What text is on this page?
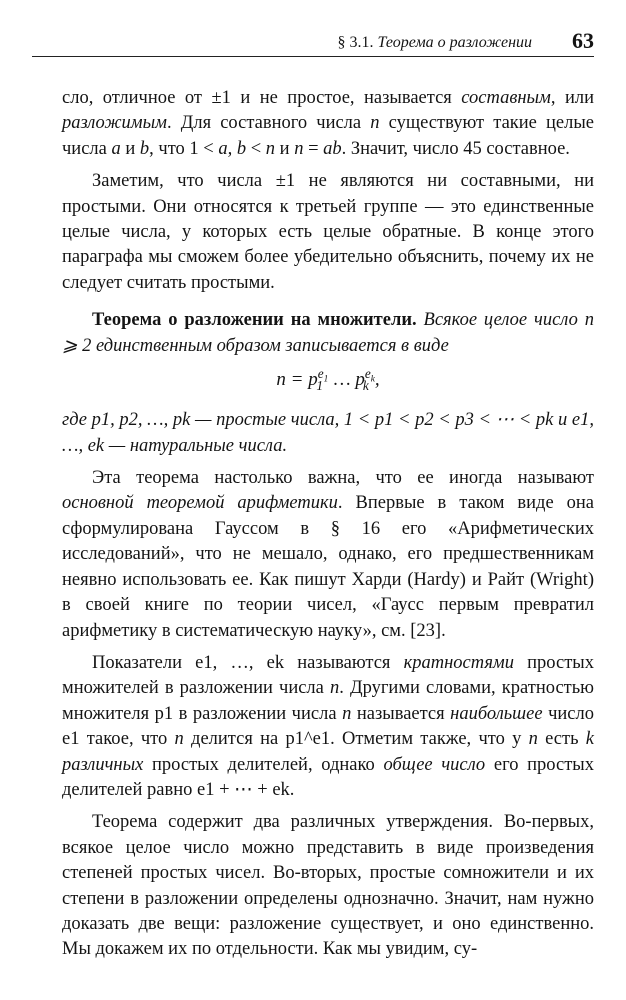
§ 3.1. Теорема о разложении 63

сло, отличное от ±1 и не простое, называется составным, или разложимым. Для составного числа n существуют такие целые числа a и b, что 1 < a, b < n и n = ab. Значит, число 45 составное.

Заметим, что числа ±1 не являются ни составными, ни простыми. Они относятся к третьей группе — это единственные целые числа, у которых есть целые обратные. В конце этого параграфа мы сможем более убедительно объяснить, почему их не следует считать простыми.

Теорема о разложении на множители. Всякое целое число n ⩾ 2 единственным образом записывается в виде

$n = p^{e_1}_1$ … $p^{e_k}_k$ ,

где p1, p2, …, pk — простые числа, 1 < p1 < p2 < p3 < ⋯ < pk и e1, …, ek — натуральные числа.

Эта теорема настолько важна, что ее иногда называют основной теоремой арифметики. Впервые в таком виде она сформулирована Гауссом в § 16 его «Арифметических исследований», что не мешало, однако, его предшественникам неявно использовать ее. Как пишут Харди (Hardy) и Райт (Wright) в своей книге по теории чисел, «Гаусс первым превратил арифметику в систематическую науку», см. [23].

Показатели e1, …, ek называются кратностями простых множителей в разложении числа n. Другими словами, кратностью множителя p1 в разложении числа n называется наибольшее число e1 такое, что n делится на p1^e1. Отметим также, что у n есть k различных простых делителей, однако общее число его простых делителей равно e1 + ⋯ + ek.

Теорема содержит два различных утверждения. Во-первых, всякое целое число можно представить в виде произведения степеней простых чисел. Во-вторых, простые сомножители и их степени в разложении определены однозначно. Значит, нам нужно доказать две вещи: разложение существует, и оно единственно. Мы докажем их по отдельности. Как мы увидим, су-
